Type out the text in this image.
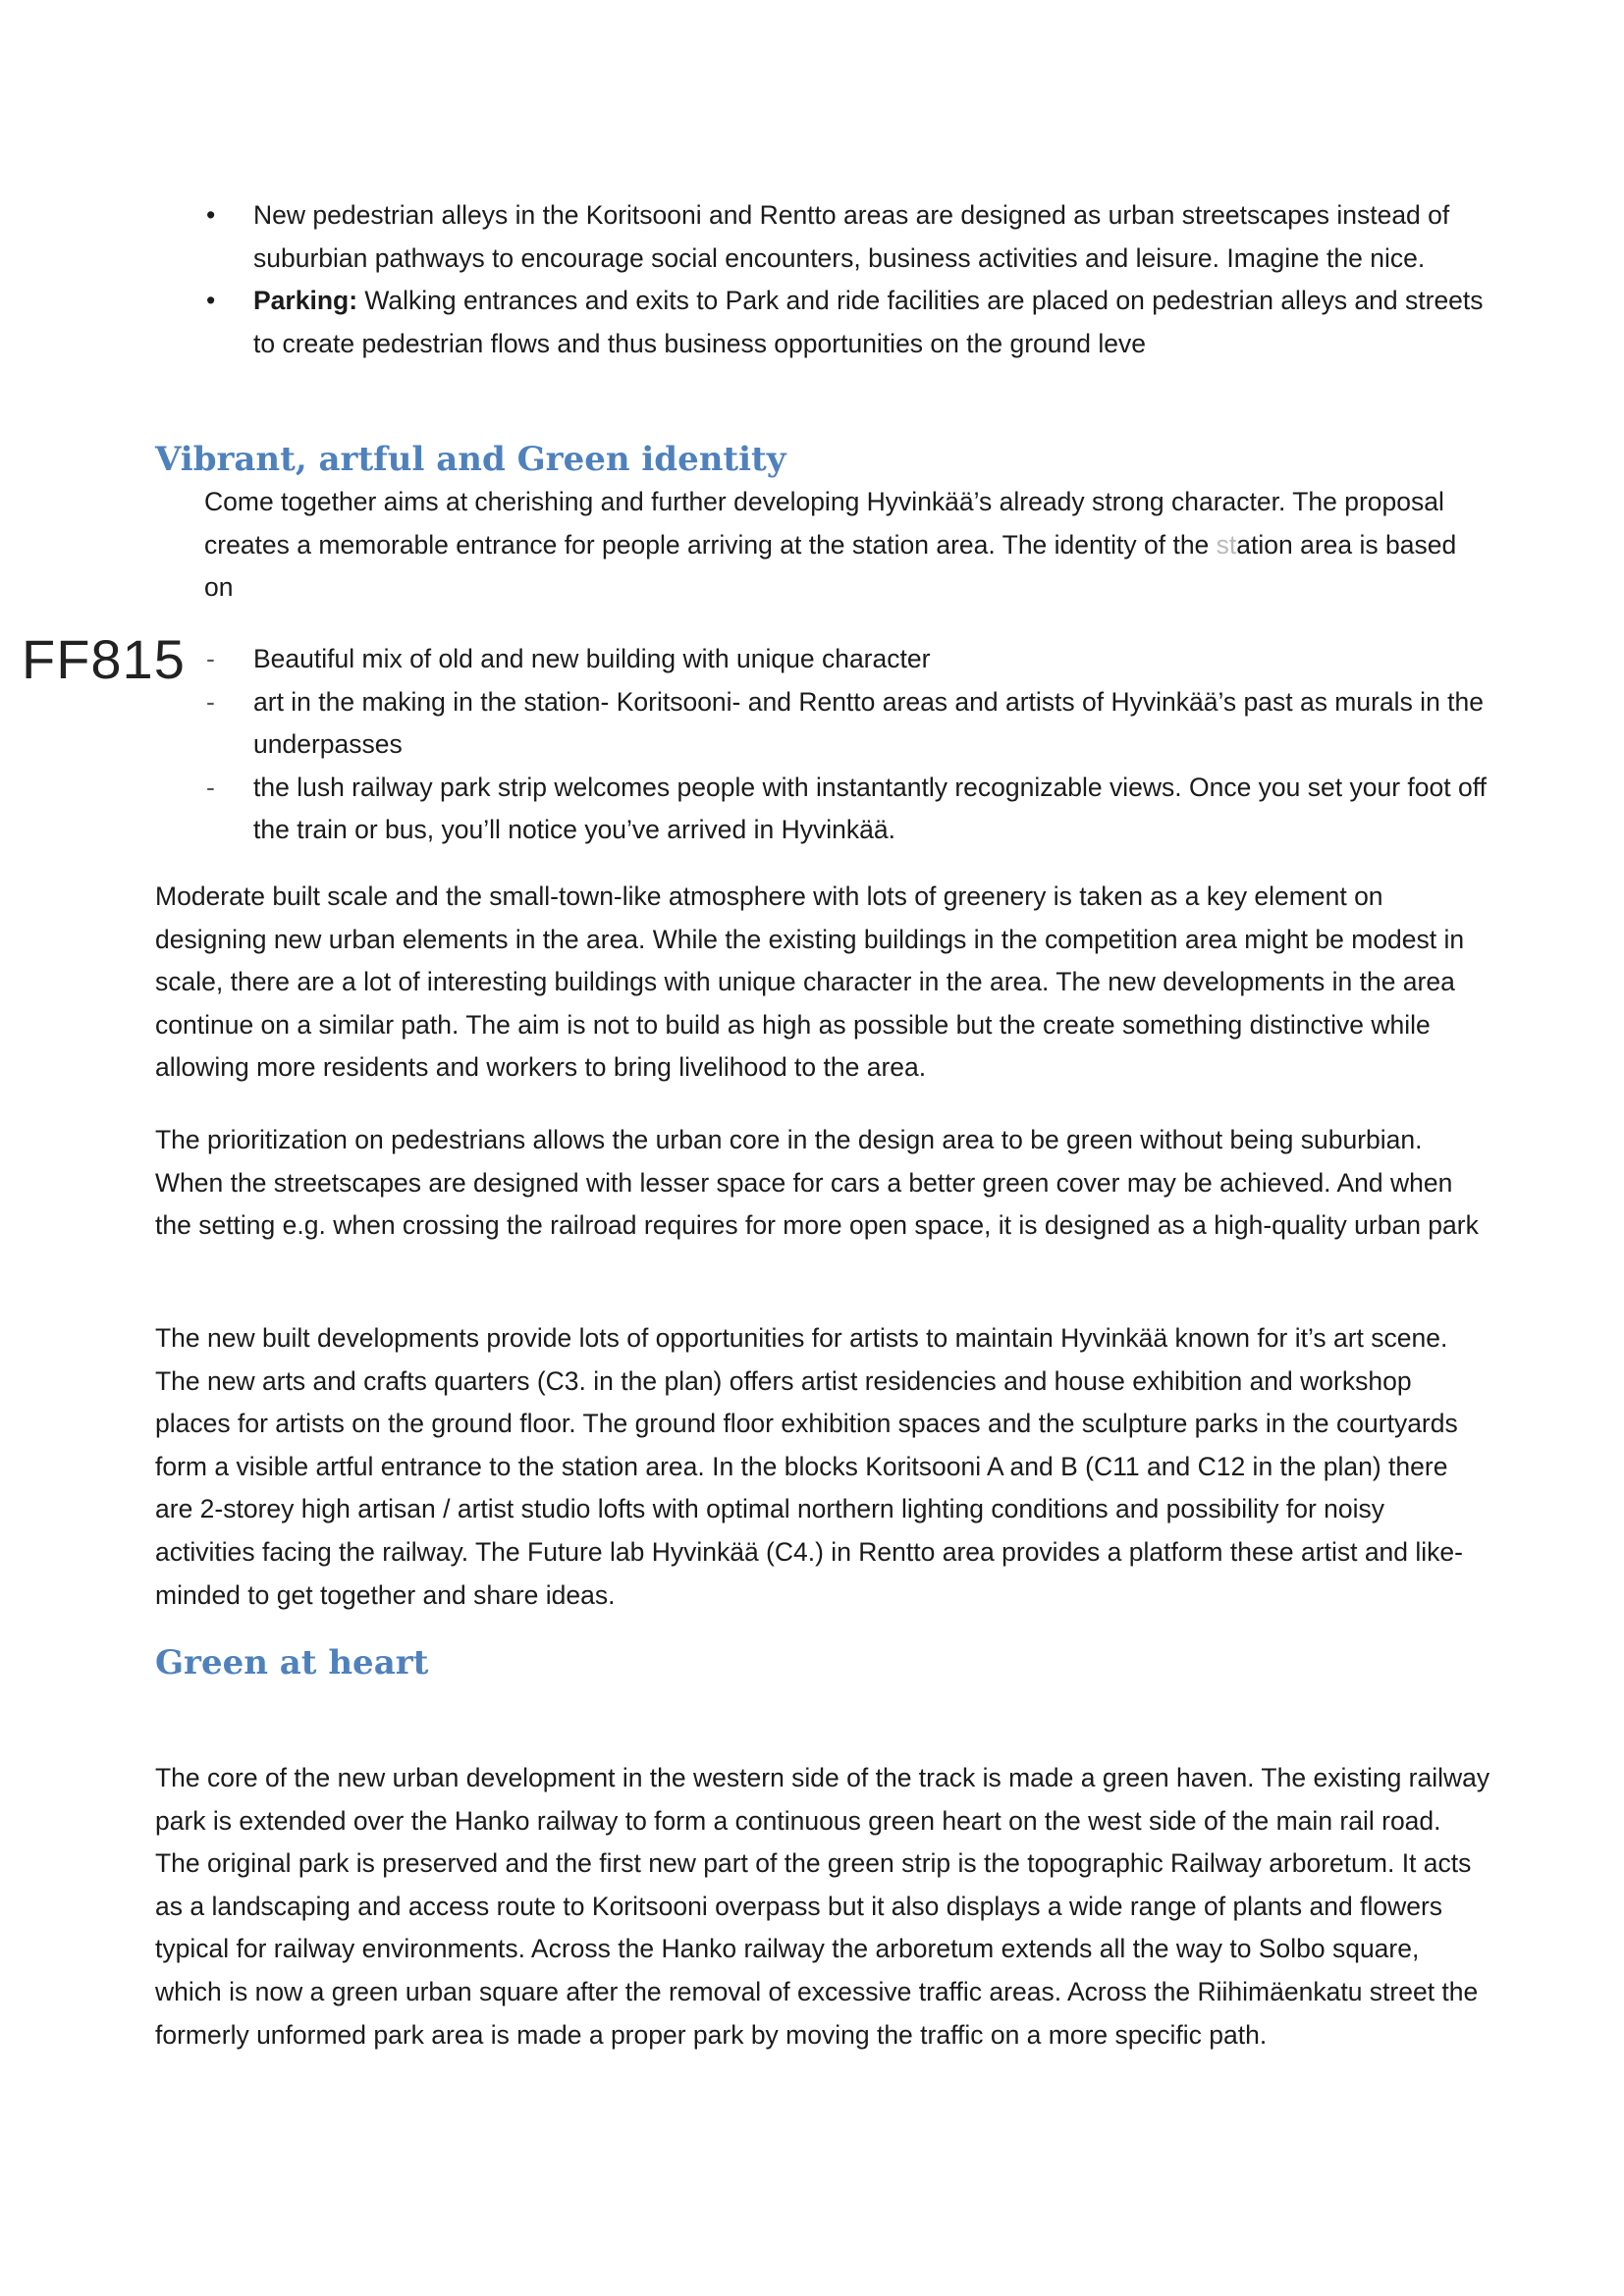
• New pedestrian alleys in the Koritsooni and Rentto areas are designed as urban streetscapes instead of suburbian pathways to encourage social encounters, business activities and leisure. Imagine the nice.
• Parking: Walking entrances and exits to Park and ride facilities are placed on pedestrian alleys and streets to create pedestrian flows and thus business opportunities on the ground leve
Vibrant, artful and Green identity

Come together aims at cherishing and further developing Hyvinkää’s already strong character. The proposal creates a memorable entrance for people arriving at the station area. The identity of the station area is based on

FF815 - Beautiful mix of old and new building with unique character
- art in the making in the station- Koritsooni- and Rentto areas and artists of Hyvinkää’s past as murals in the underpasses
- the lush railway park strip welcomes people with instantantly recognizable views. Once you set your foot off the train or bus, you’ll notice you’ve arrived in Hyvinkää.

Moderate built scale and the small-town-like atmosphere with lots of greenery is taken as a key element on designing new urban elements in the area. While the existing buildings in the competition area might be modest in scale, there are a lot of interesting buildings with unique character in the area. The new developments in the area continue on a similar path. The aim is not to build as high as possible but the create something distinctive while allowing more residents and workers to bring livelihood to the area.

The prioritization on pedestrians allows the urban core in the design area to be green without being suburbian. When the streetscapes are designed with lesser space for cars a better green cover may be achieved. And when the setting e.g. when crossing the railroad requires for more open space, it is designed as a high-quality urban park

The new built developments provide lots of opportunities for artists to maintain Hyvinkää known for it’s art scene. The new arts and crafts quarters (C3. in the plan) offers artist residencies and house exhibition and workshop places for artists on the ground floor. The ground floor exhibition spaces and the sculpture parks in the courtyards form a visible artful entrance to the station area. In the blocks Koritsooni A and B (C11 and C12 in the plan) there are 2-storey high artisan / artist studio lofts with optimal northern lighting conditions and possibility for noisy activities facing the railway. The Future lab Hyvinkää (C4.) in Rentto area provides a platform these artist and like-minded to get together and share ideas.

Green at heart

The core of the new urban development in the western side of the track is made a green haven. The existing railway park is extended over the Hanko railway to form a continuous green heart on the west side of the main rail road. The original park is preserved and the first new part of the green strip is the topographic Railway arboretum. It acts as a landscaping and access route to Koritsooni overpass but it also displays a wide range of plants and flowers typical for railway environments. Across the Hanko railway the arboretum extends all the way to Solbo square, which is now a green urban square after the removal of excessive traffic areas. Across the Riihimäenkatu street the formerly unformed park area is made a proper park by moving the traffic on a more specific path.
